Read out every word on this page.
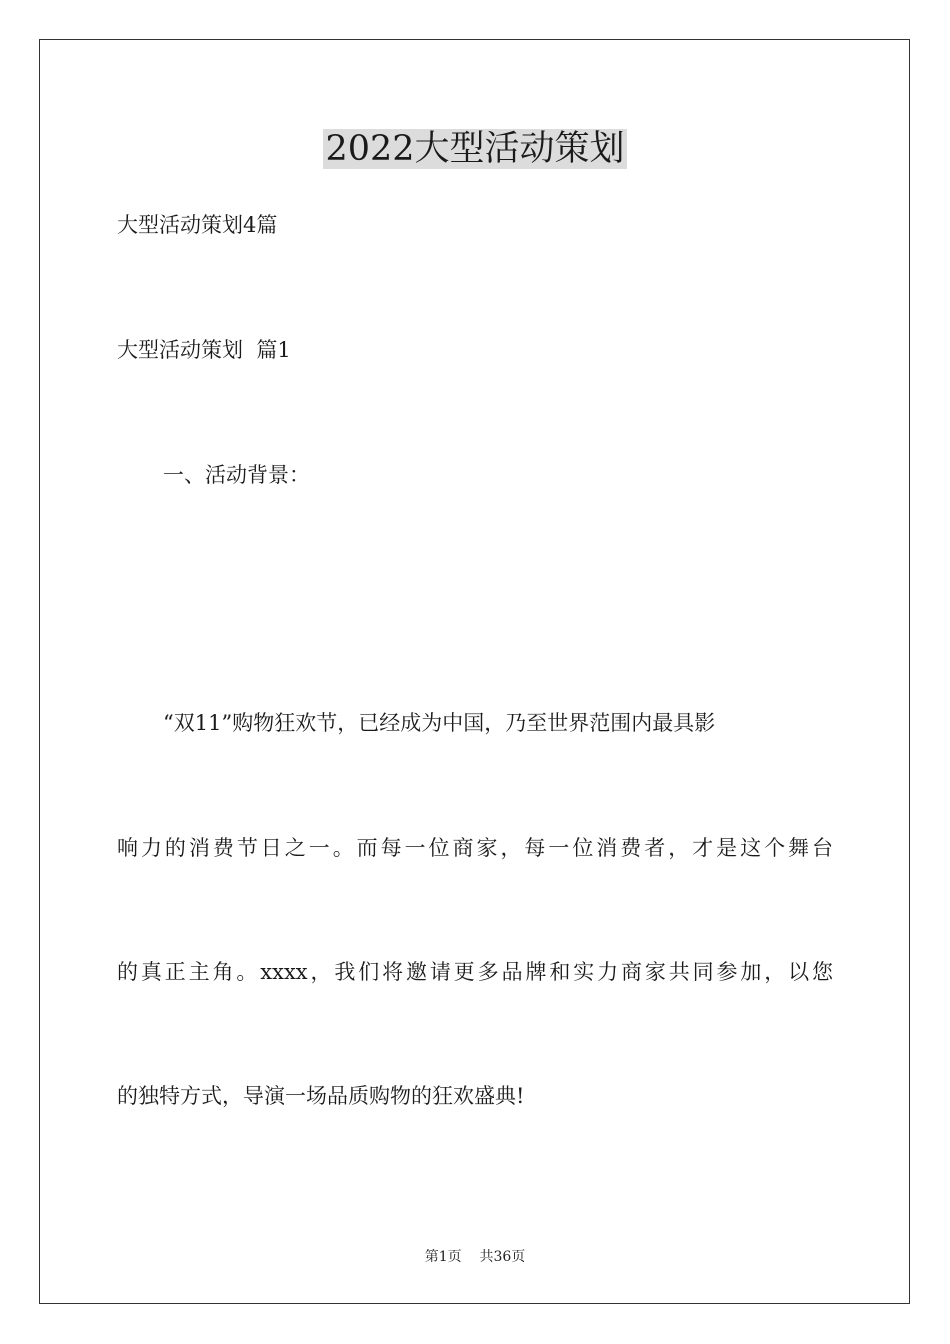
2022大型活动策划
大型活动策划4篇
大型活动策划  篇1
一、活动背景：
“双11”购物狂欢节，已经成为中国，乃至世界范围内最具影
响力的消费节日之一。而每一位商家，每一位消费者，才是这个舞台
的真正主角。xxxx，我们将邀请更多品牌和实力商家共同参加，以您
的独特方式，导演一场品质购物的狂欢盛典!
第1页    共36页
